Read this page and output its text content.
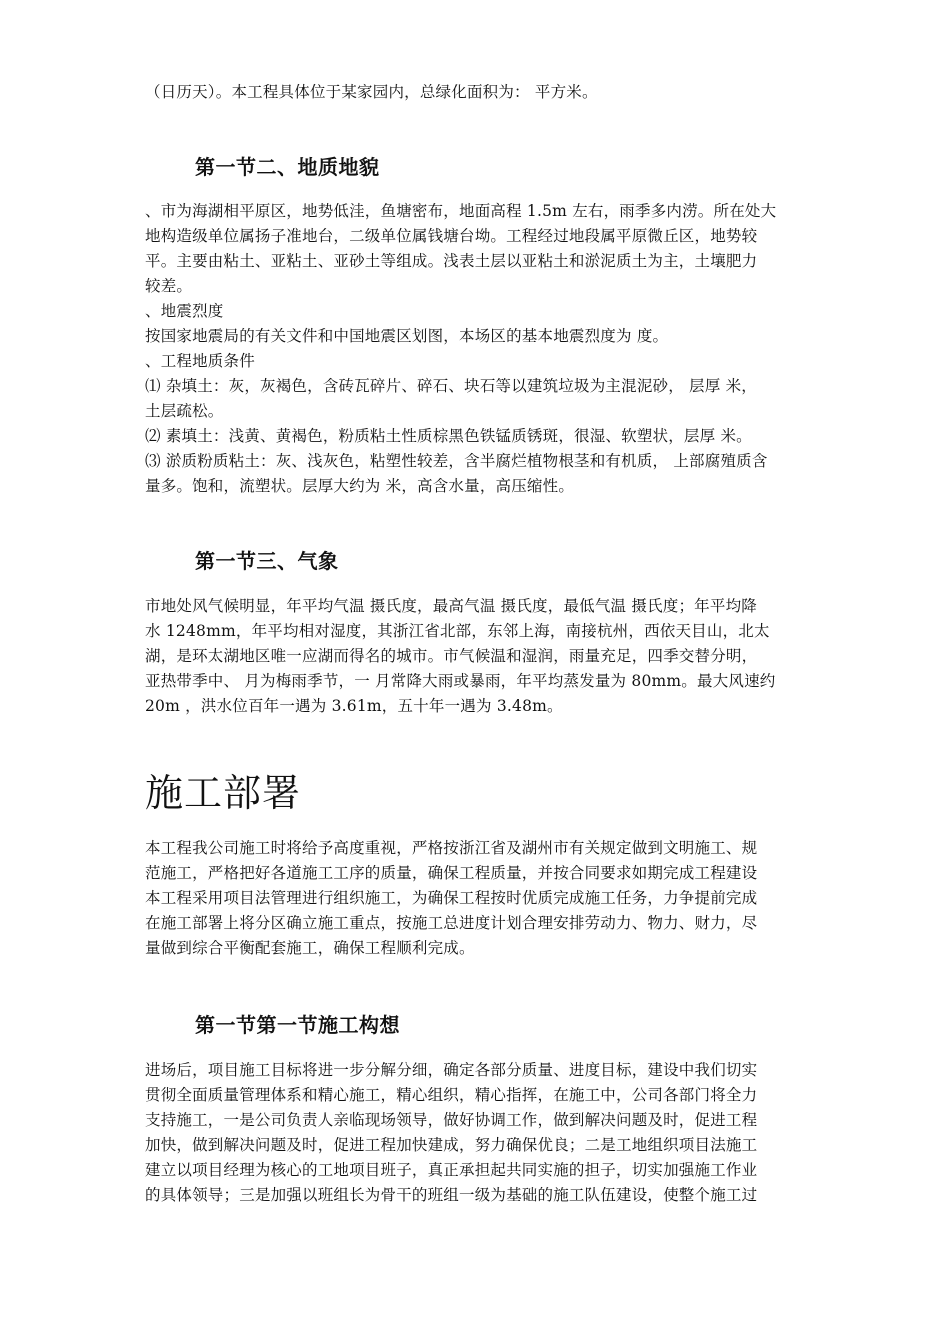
（日历天）。本工程具体位于某家园内，总绿化面积为： 平方米。
第一节二、地质地貌
、市为海湖相平原区，地势低洼，鱼塘密布，地面高程 1.5m 左右，雨季多内涝。所在处大
地构造级单位属扬子准地台，二级单位属钱塘台坳。工程经过地段属平原微丘区，地势较
平。主要由粘土、亚粘土、亚砂土等组成。浅表土层以亚粘土和淤泥质土为主，土壤肥力
较差。
、地震烈度
按国家地震局的有关文件和中国地震区划图，本场区的基本地震烈度为 度。
、工程地质条件
⑴ 杂填土：灰，灰褐色，含砖瓦碎片、碎石、块石等以建筑垃圾为主混泥砂， 层厚 米，
土层疏松。
⑵ 素填土：浅黄、黄褐色，粉质粘土性质棕黑色铁锰质锈斑，很湿、软塑状，层厚 米。
⑶ 淤质粉质粘土：灰、浅灰色，粘塑性较差，含半腐烂植物根茎和有机质， 上部腐殖质含
量多。饱和，流塑状。层厚大约为 米，高含水量，高压缩性。
第一节三、气象
市地处风气候明显，年平均气温 摄氏度，最高气温 摄氏度，最低气温 摄氏度；年平均降
水 1248mm，年平均相对湿度，其浙江省北部，东邻上海，南接杭州，西依天目山，北太
湖，是环太湖地区唯一应湖而得名的城市。市气候温和湿润，雨量充足，四季交替分明，
亚热带季中、 月为梅雨季节，一 月常降大雨或暴雨，年平均蒸发量为 80mm。最大风速约
20m ，洪水位百年一遇为 3.61m，五十年一遇为 3.48m。
施工部署
本工程我公司施工时将给予高度重视，严格按浙江省及湖州市有关规定做到文明施工、规
范施工，严格把好各道施工工序的质量，确保工程质量，并按合同要求如期完成工程建设
本工程采用项目法管理进行组织施工，为确保工程按时优质完成施工任务，力争提前完成
在施工部署上将分区确立施工重点，按施工总进度计划合理安排劳动力、物力、财力，尽
量做到综合平衡配套施工，确保工程顺利完成。
第一节第一节施工构想
进场后，项目施工目标将进一步分解分细，确定各部分质量、进度目标，建设中我们切实
贯彻全面质量管理体系和精心施工，精心组织，精心指挥，在施工中，公司各部门将全力
支持施工，一是公司负责人亲临现场领导，做好协调工作，做到解决问题及时，促进工程
加快，做到解决问题及时，促进工程加快建成，努力确保优良；二是工地组织项目法施工
建立以项目经理为核心的工地项目班子，真正承担起共同实施的担子，切实加强施工作业
的具体领导；三是加强以班组长为骨干的班组一级为基础的施工队伍建设，使整个施工过
